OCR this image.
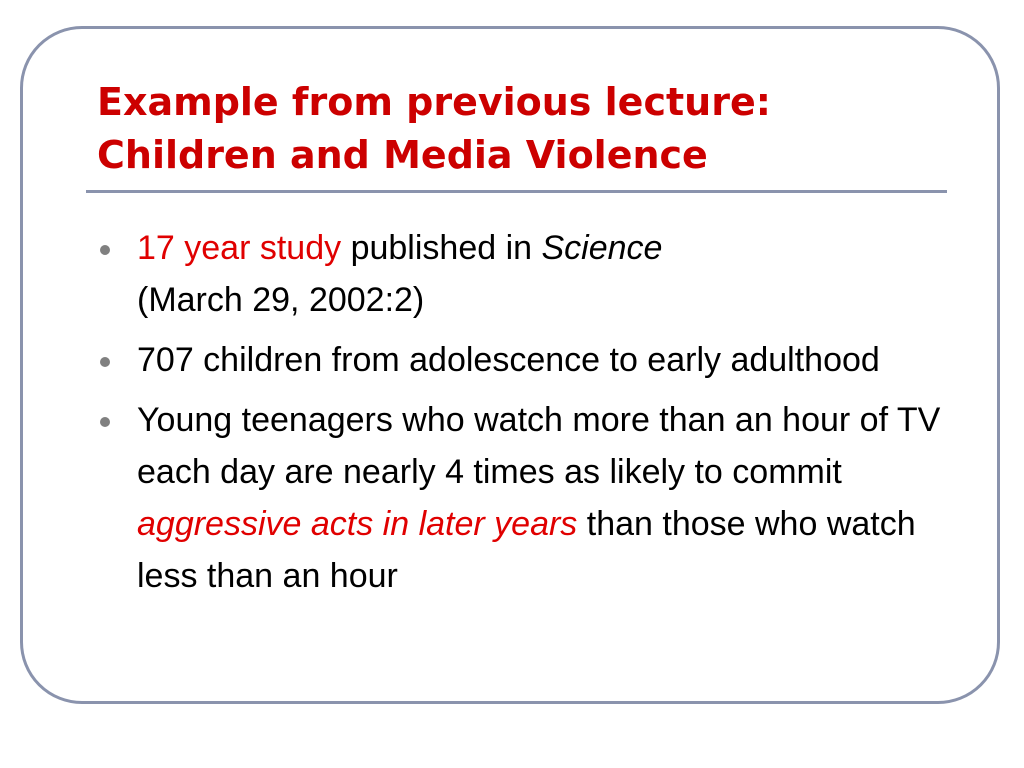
Example from previous lecture:
Children and Media Violence
17 year study published in Science
(March 29, 2002:2)
707 children from adolescence to early adulthood
Young teenagers who watch more than an hour of TV each day are nearly 4 times as likely to commit aggressive acts in later years than those who watch less than an hour
